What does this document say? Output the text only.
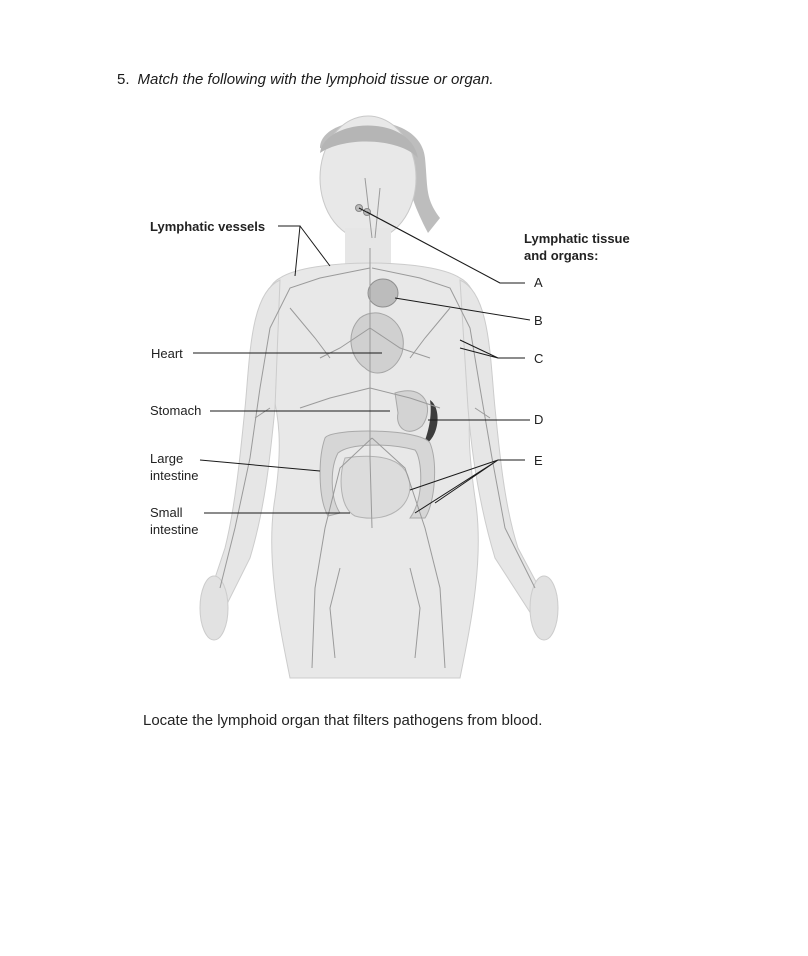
5. Match the following with the lymphoid tissue or organ.
Lymphatic vessels
Heart
Stomach
Large
intestine
Small
intestine
Lymphatic tissue
and organs:
A
B
C
D
E
Locate the lymphoid organ that filters pathogens from blood.
